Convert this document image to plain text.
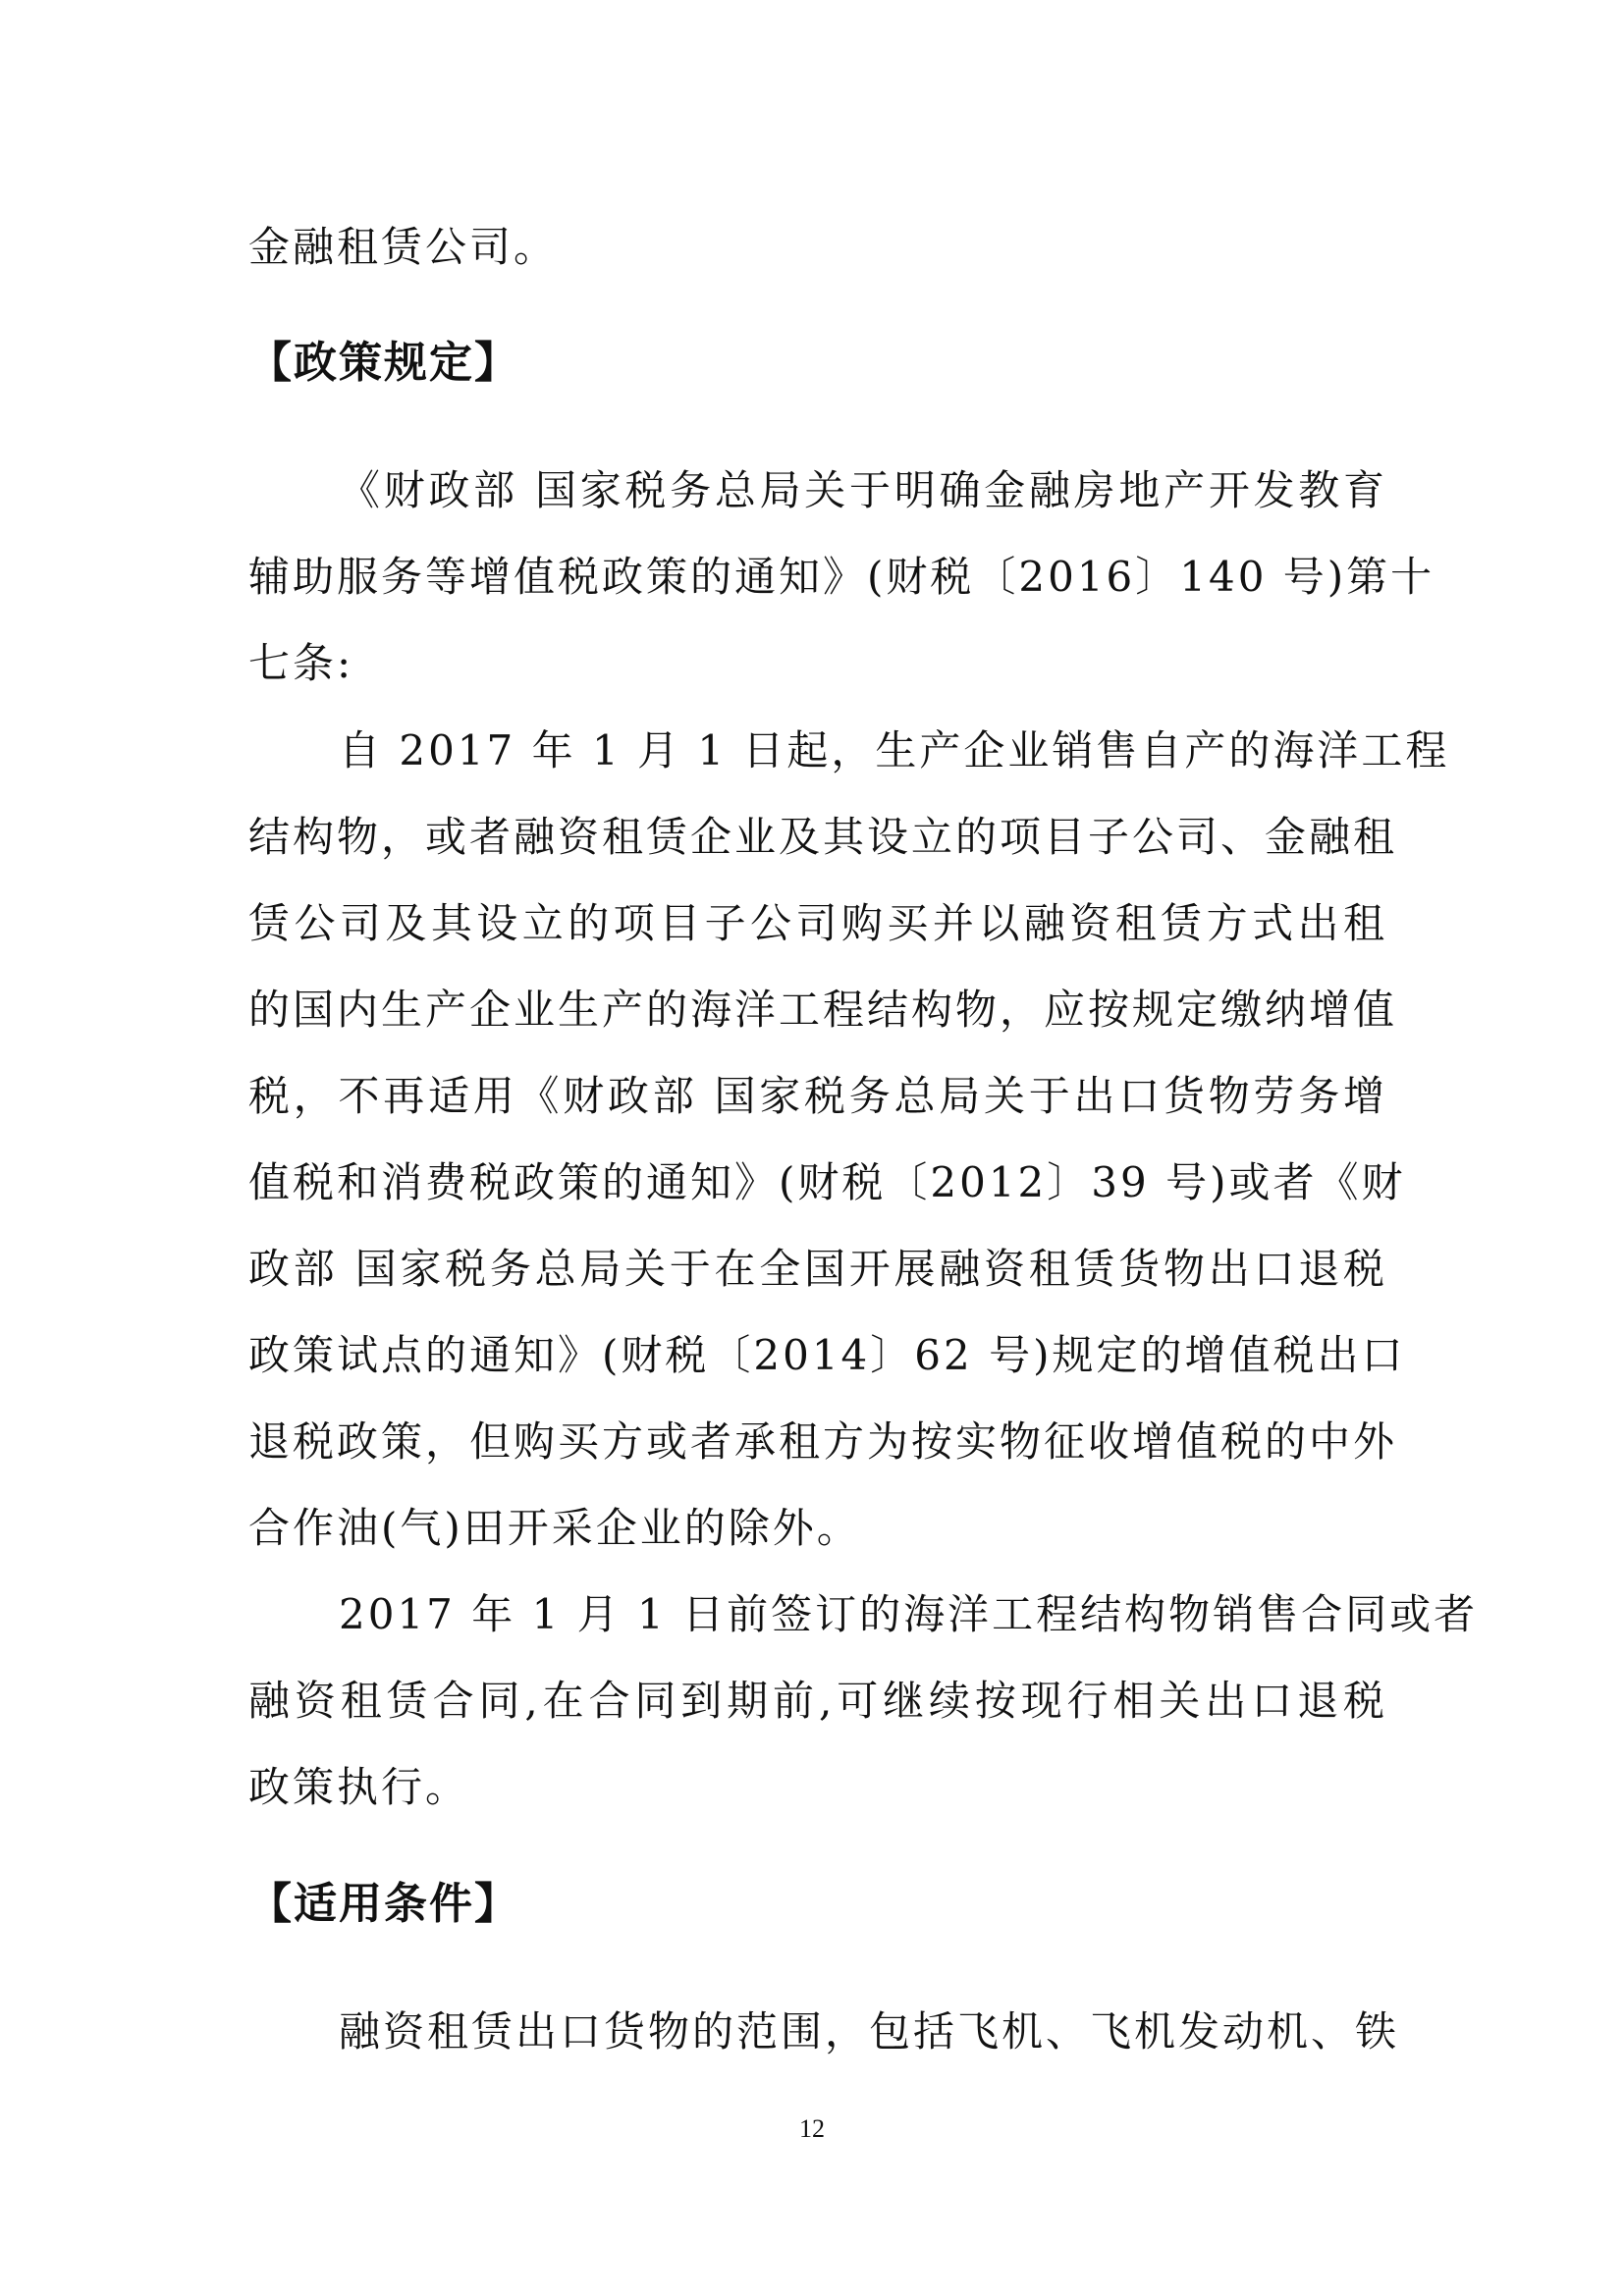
金融租赁公司。
【政策规定】
《财政部 国家税务总局关于明确金融房地产开发教育
辅助服务等增值税政策的通知》(财税〔2016〕140 号)第十
七条:
自 2017 年 1 月 1 日起，生产企业销售自产的海洋工程
结构物，或者融资租赁企业及其设立的项目子公司、金融租
赁公司及其设立的项目子公司购买并以融资租赁方式出租
的国内生产企业生产的海洋工程结构物，应按规定缴纳增值
税，不再适用《财政部 国家税务总局关于出口货物劳务增
值税和消费税政策的通知》(财税〔2012〕39 号)或者《财
政部 国家税务总局关于在全国开展融资租赁货物出口退税
政策试点的通知》(财税〔2014〕62 号)规定的增值税出口
退税政策，但购买方或者承租方为按实物征收增值税的中外
合作油(气)田开采企业的除外。
2017 年 1 月 1 日前签订的海洋工程结构物销售合同或者
融资租赁合同,在合同到期前,可继续按现行相关出口退税
政策执行。
【适用条件】
融资租赁出口货物的范围，包括飞机、飞机发动机、铁
12
